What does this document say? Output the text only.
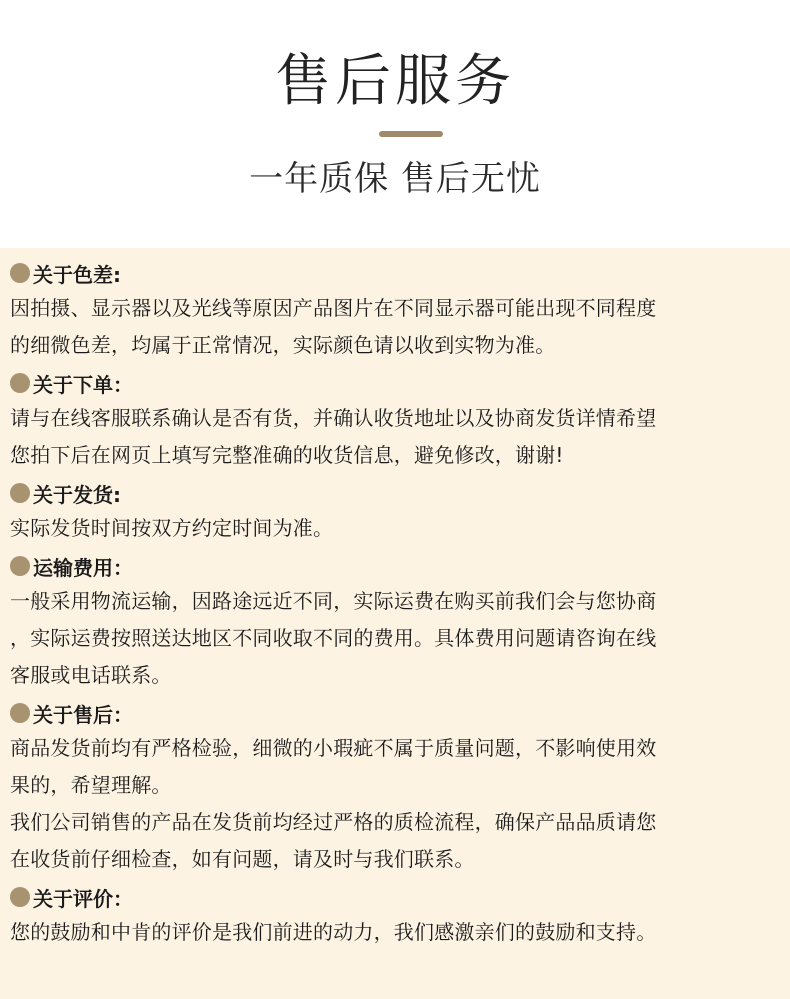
售后服务
一年质保 售后无忧
关于色差:

因拍摄、显示器以及光线等原因产品图片在不同显示器可能出现不同程度

的细微色差，均属于正常情况，实际颜色请以收到实物为准。

关于下单：

请与在线客服联系确认是否有货，并确认收货地址以及协商发货详情希望

您拍下后在网页上填写完整准确的收货信息，避免修改，谢谢!

关于发货:

实际发货时间按双方约定时间为准。

运输费用：

一般采用物流运输，因路途远近不同，实际运费在购买前我们会与您协商

，实际运费按照送达地区不同收取不同的费用。具体费用问题请咨询在线

客服或电话联系。

关于售后：

商品发货前均有严格检验，细微的小瑕疵不属于质量问题，不影响使用效

果的，希望理解。

我们公司销售的产品在发货前均经过严格的质检流程，确保产品品质请您

在收货前仔细检查，如有问题，请及时与我们联系。

关于评价：

您的鼓励和中肯的评价是我们前进的动力，我们感激亲们的鼓励和支持。
